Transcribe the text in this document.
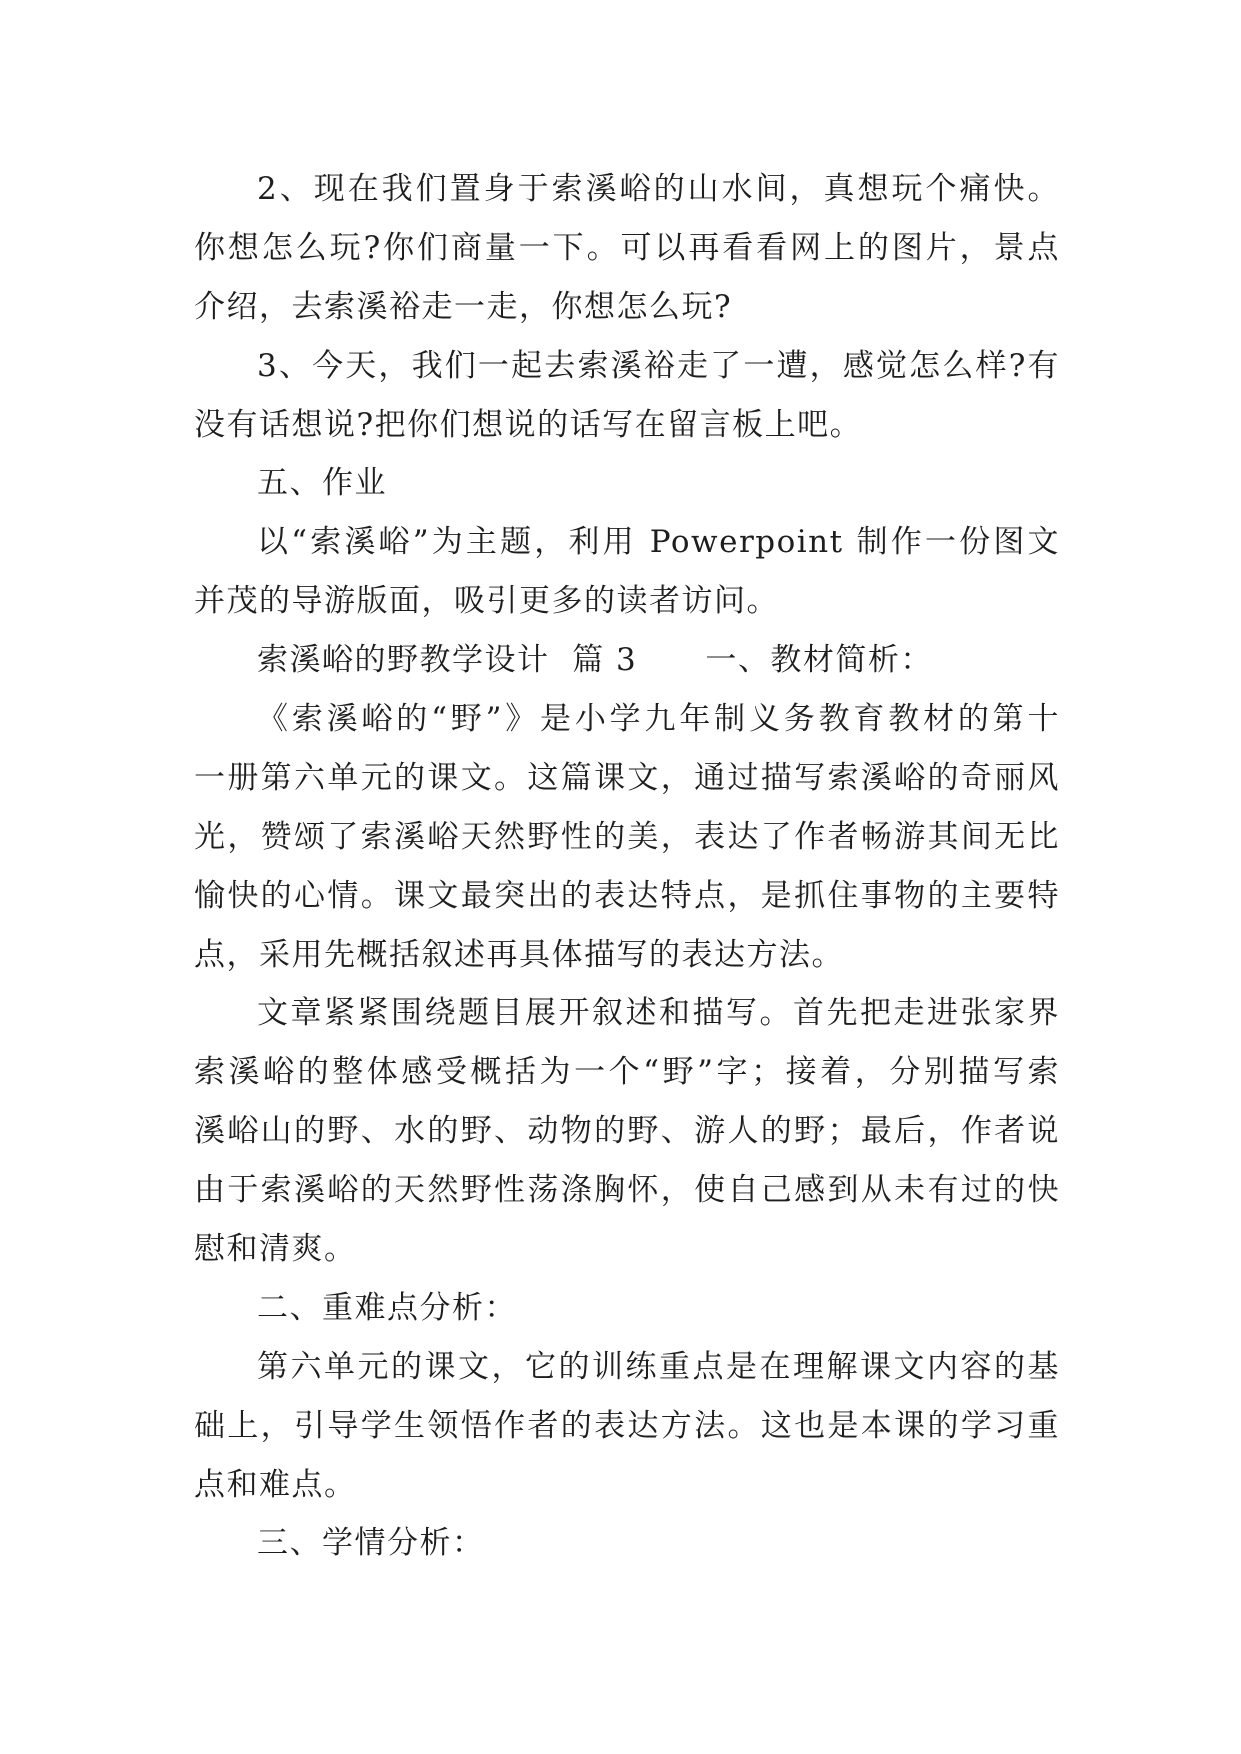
2、现在我们置身于索溪峪的山水间，真想玩个痛快。
你想怎么玩?你们商量一下。可以再看看网上的图片，景点
介绍，去索溪裕走一走，你想怎么玩?
3、今天，我们一起去索溪裕走了一遭，感觉怎么样?有
没有话想说?把你们想说的话写在留言板上吧。
五、作业
以“索溪峪”为主题，利用 Powerpoint 制作一份图文
并茂的导游版面，吸引更多的读者访问。
索溪峪的野教学设计  篇 3      一、教材简析：
《索溪峪的“野”》是小学九年制义务教育教材的第十
一册第六单元的课文。这篇课文，通过描写索溪峪的奇丽风
光，赞颂了索溪峪天然野性的美，表达了作者畅游其间无比
愉快的心情。课文最突出的表达特点，是抓住事物的主要特
点，采用先概括叙述再具体描写的表达方法。
文章紧紧围绕题目展开叙述和描写。首先把走进张家界
索溪峪的整体感受概括为一个“野”字；接着，分别描写索
溪峪山的野、水的野、动物的野、游人的野；最后，作者说
由于索溪峪的天然野性荡涤胸怀，使自己感到从未有过的快
慰和清爽。
二、重难点分析：
第六单元的课文，它的训练重点是在理解课文内容的基
础上，引导学生领悟作者的表达方法。这也是本课的学习重
点和难点。
三、学情分析：
